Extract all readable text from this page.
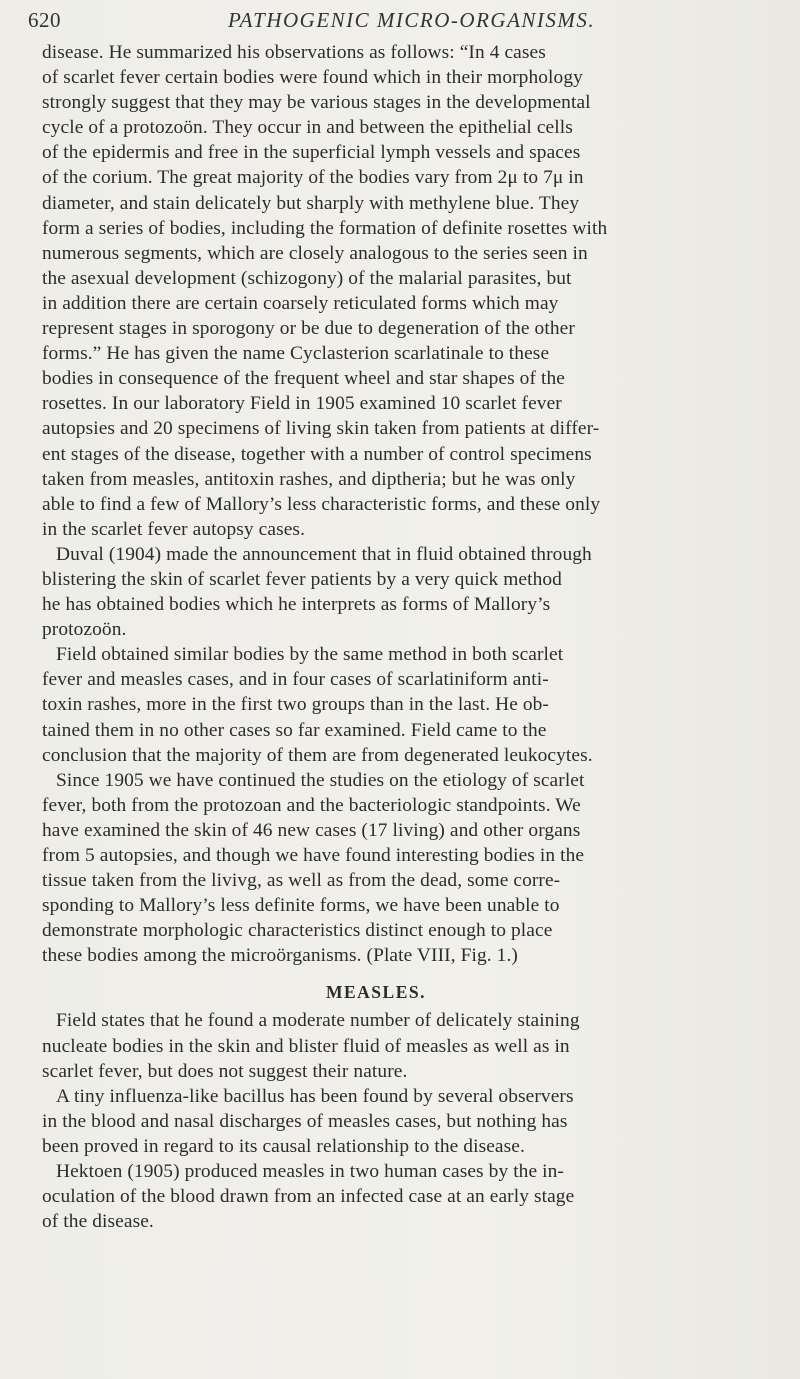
620	PATHOGENIC MICRO-ORGANISMS.
disease. He summarized his observations as follows: “In 4 cases
of scarlet fever certain bodies were found which in their morphology
strongly suggest that they may be various stages in the developmental
cycle of a protozoön. They occur in and between the epithelial cells
of the epidermis and free in the superficial lymph vessels and spaces
of the corium. The great majority of the bodies vary from 2μ to 7μ in
diameter, and stain delicately but sharply with methylene blue. They
form a series of bodies, including the formation of definite rosettes with
numerous segments, which are closely analogous to the series seen in
the asexual development (schizogony) of the malarial parasites, but
in addition there are certain coarsely reticulated forms which may
represent stages in sporogony or be due to degeneration of the other
forms.” He has given the name Cyclasterion scarlatinale to these
bodies in consequence of the frequent wheel and star shapes of the
rosettes. In our laboratory Field in 1905 examined 10 scarlet fever
autopsies and 20 specimens of living skin taken from patients at differ-
ent stages of the disease, together with a number of control specimens
taken from measles, antitoxin rashes, and diptheria; but he was only
able to find a few of Mallory’s less characteristic forms, and these only
in the scarlet fever autopsy cases.
Duval (1904) made the announcement that in fluid obtained through
blistering the skin of scarlet fever patients by a very quick method
he has obtained bodies which he interprets as forms of Mallory’s
protozoön.
Field obtained similar bodies by the same method in both scarlet
fever and measles cases, and in four cases of scarlatiniform anti-
toxin rashes, more in the first two groups than in the last. He ob-
tained them in no other cases so far examined. Field came to the
conclusion that the majority of them are from degenerated leukocytes.
Since 1905 we have continued the studies on the etiology of scarlet
fever, both from the protozoan and the bacteriologic standpoints. We
have examined the skin of 46 new cases (17 living) and other organs
from 5 autopsies, and though we have found interesting bodies in the
tissue taken from the livivg, as well as from the dead, some corre-
sponding to Mallory’s less definite forms, we have been unable to
demonstrate morphologic characteristics distinct enough to place
these bodies among the microörganisms. (Plate VIII, Fig. 1.)
MEASLES.
Field states that he found a moderate number of delicately staining
nucleate bodies in the skin and blister fluid of measles as well as in
scarlet fever, but does not suggest their nature.
A tiny influenza-like bacillus has been found by several observers
in the blood and nasal discharges of measles cases, but nothing has
been proved in regard to its causal relationship to the disease.
Hektoen (1905) produced measles in two human cases by the in-
oculation of the blood drawn from an infected case at an early stage
of the disease.
